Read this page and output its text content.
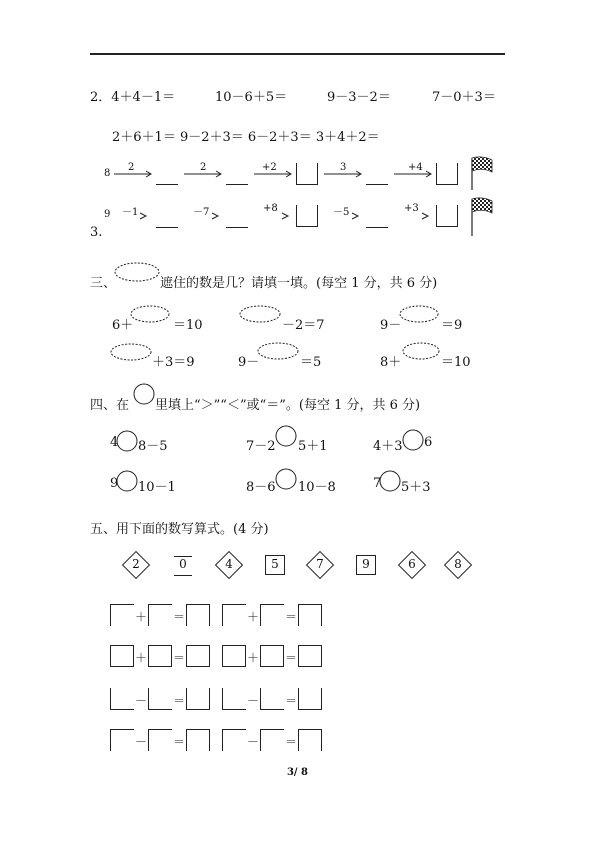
2．4＋4－1＝	10－6＋5＝	9－3－2＝	7－0＋3＝
2＋6＋1＝ 9－2＋3＝ 6－2＋3＝ 3＋4＋2＝
8
2	2	+2	3	+4
9 －1	－7	+8	－5	+3
3.
三、	遮住的数是几？请填一填。(每空 1 分，共 6 分)
6＋	＝10	－2＝7	9－	＝9
＋3＝9	9－	＝5	8＋	＝10
四、在 里填上“＞”“＜”或“＝”。(每空 1 分，共 6 分)
4 8－5	7－2 5＋1	4＋3 6
9 10－1	8－6 10－8	7 5＋3
五、用下面的数写算式。(4 分)
2	0	4	5	7	9	6	8
＋ ＝	＋ ＝
＋ ＝	＋ ＝
－ ＝	－ ＝
－ ＝	－ ＝
3/ 8
